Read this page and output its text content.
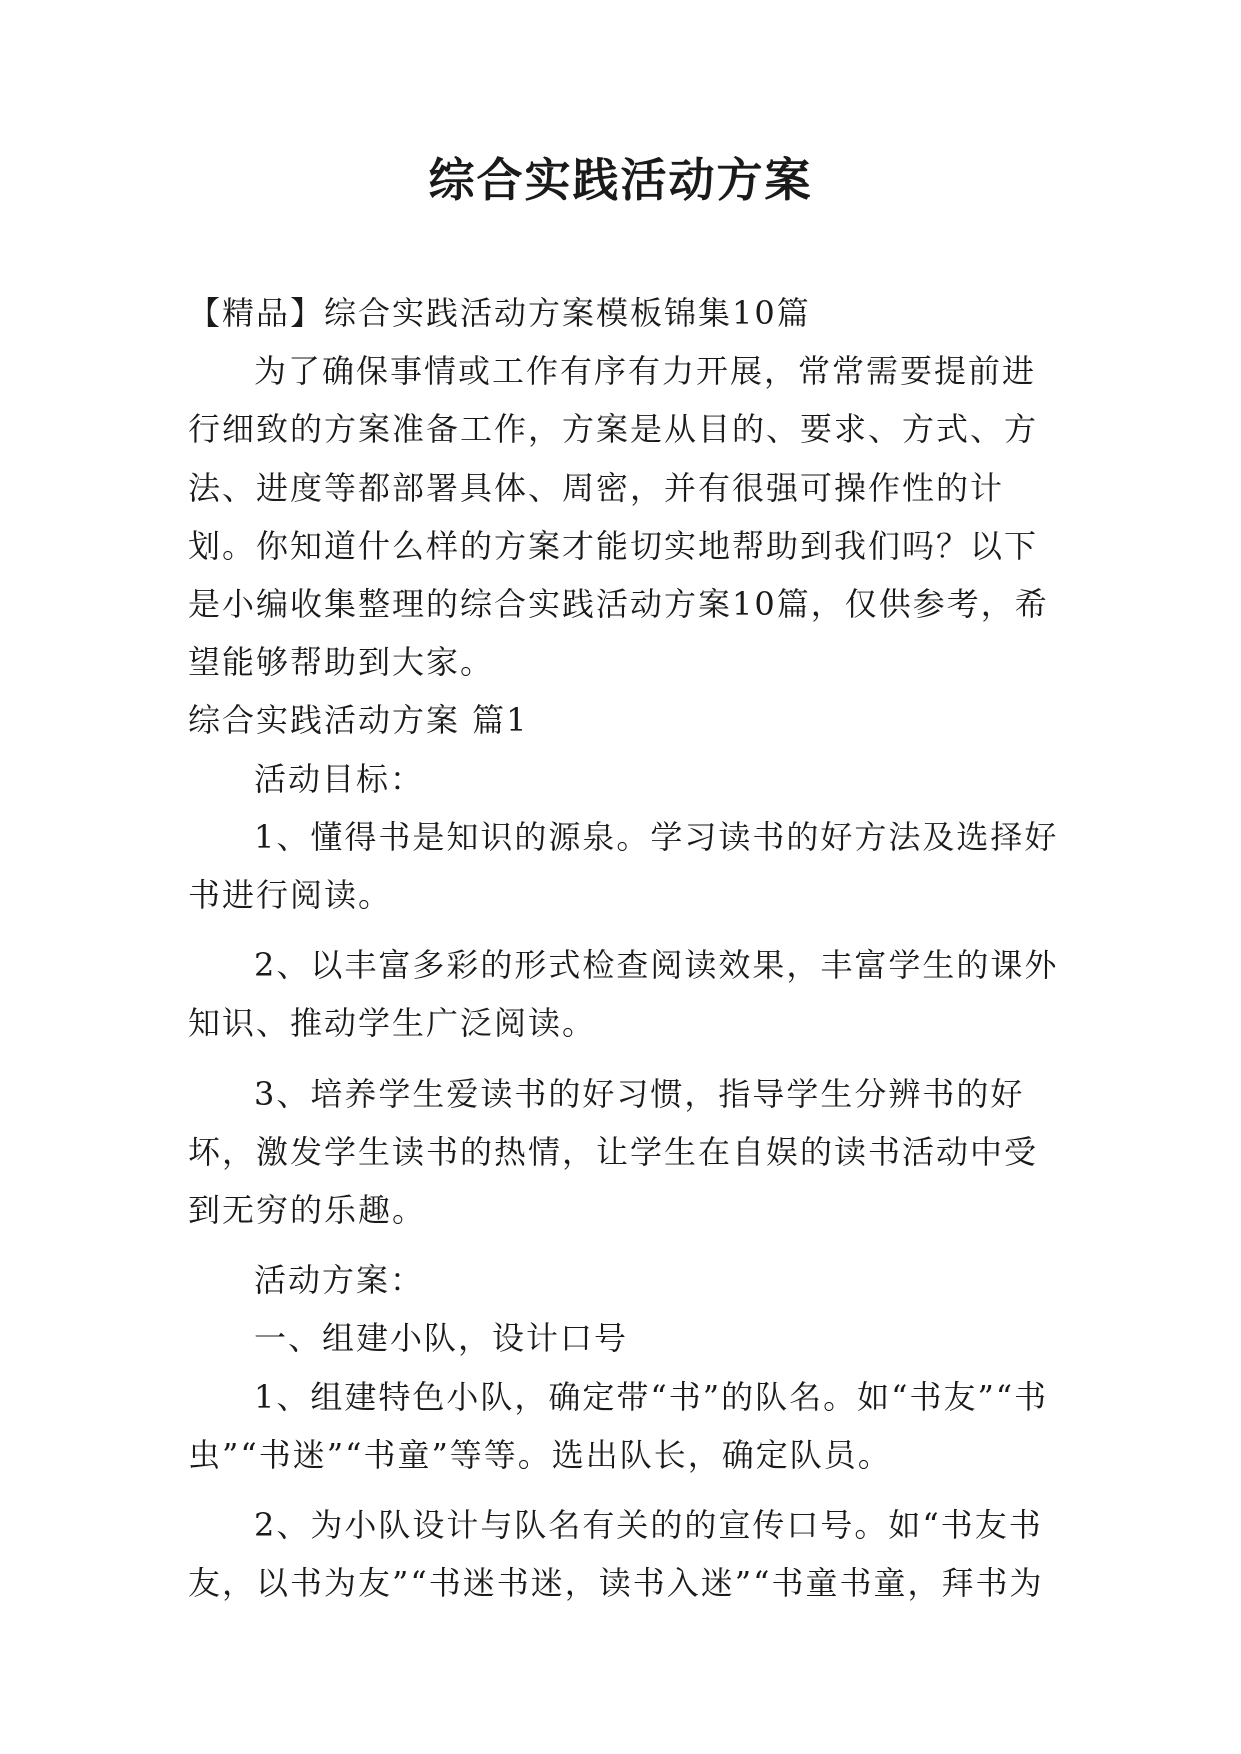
综合实践活动方案

【精品】综合实践活动方案模板锦集10篇

为了确保事情或工作有序有力开展，常常需要提前进行细致的方案准备工作，方案是从目的、要求、方式、方法、进度等都部署具体、周密，并有很强可操作性的计划。你知道什么样的方案才能切实地帮助到我们吗？以下是小编收集整理的综合实践活动方案10篇，仅供参考，希望能够帮助到大家。

综合实践活动方案 篇1

活动目标：

1、懂得书是知识的源泉。学习读书的好方法及选择好书进行阅读。

2、以丰富多彩的形式检查阅读效果，丰富学生的课外知识、推动学生广泛阅读。

3、培养学生爱读书的好习惯，指导学生分辨书的好坏，激发学生读书的热情，让学生在自娱的读书活动中受到无穷的乐趣。

活动方案：

一、组建小队，设计口号

1、组建特色小队，确定带“书”的队名。如“书友”“书虫”“书迷”“书童”等等。选出队长，确定队员。

2、为小队设计与队名有关的的宣传口号。如“书友书友，以书为友”“书迷书迷，读书入迷”“书童书童，拜书为
